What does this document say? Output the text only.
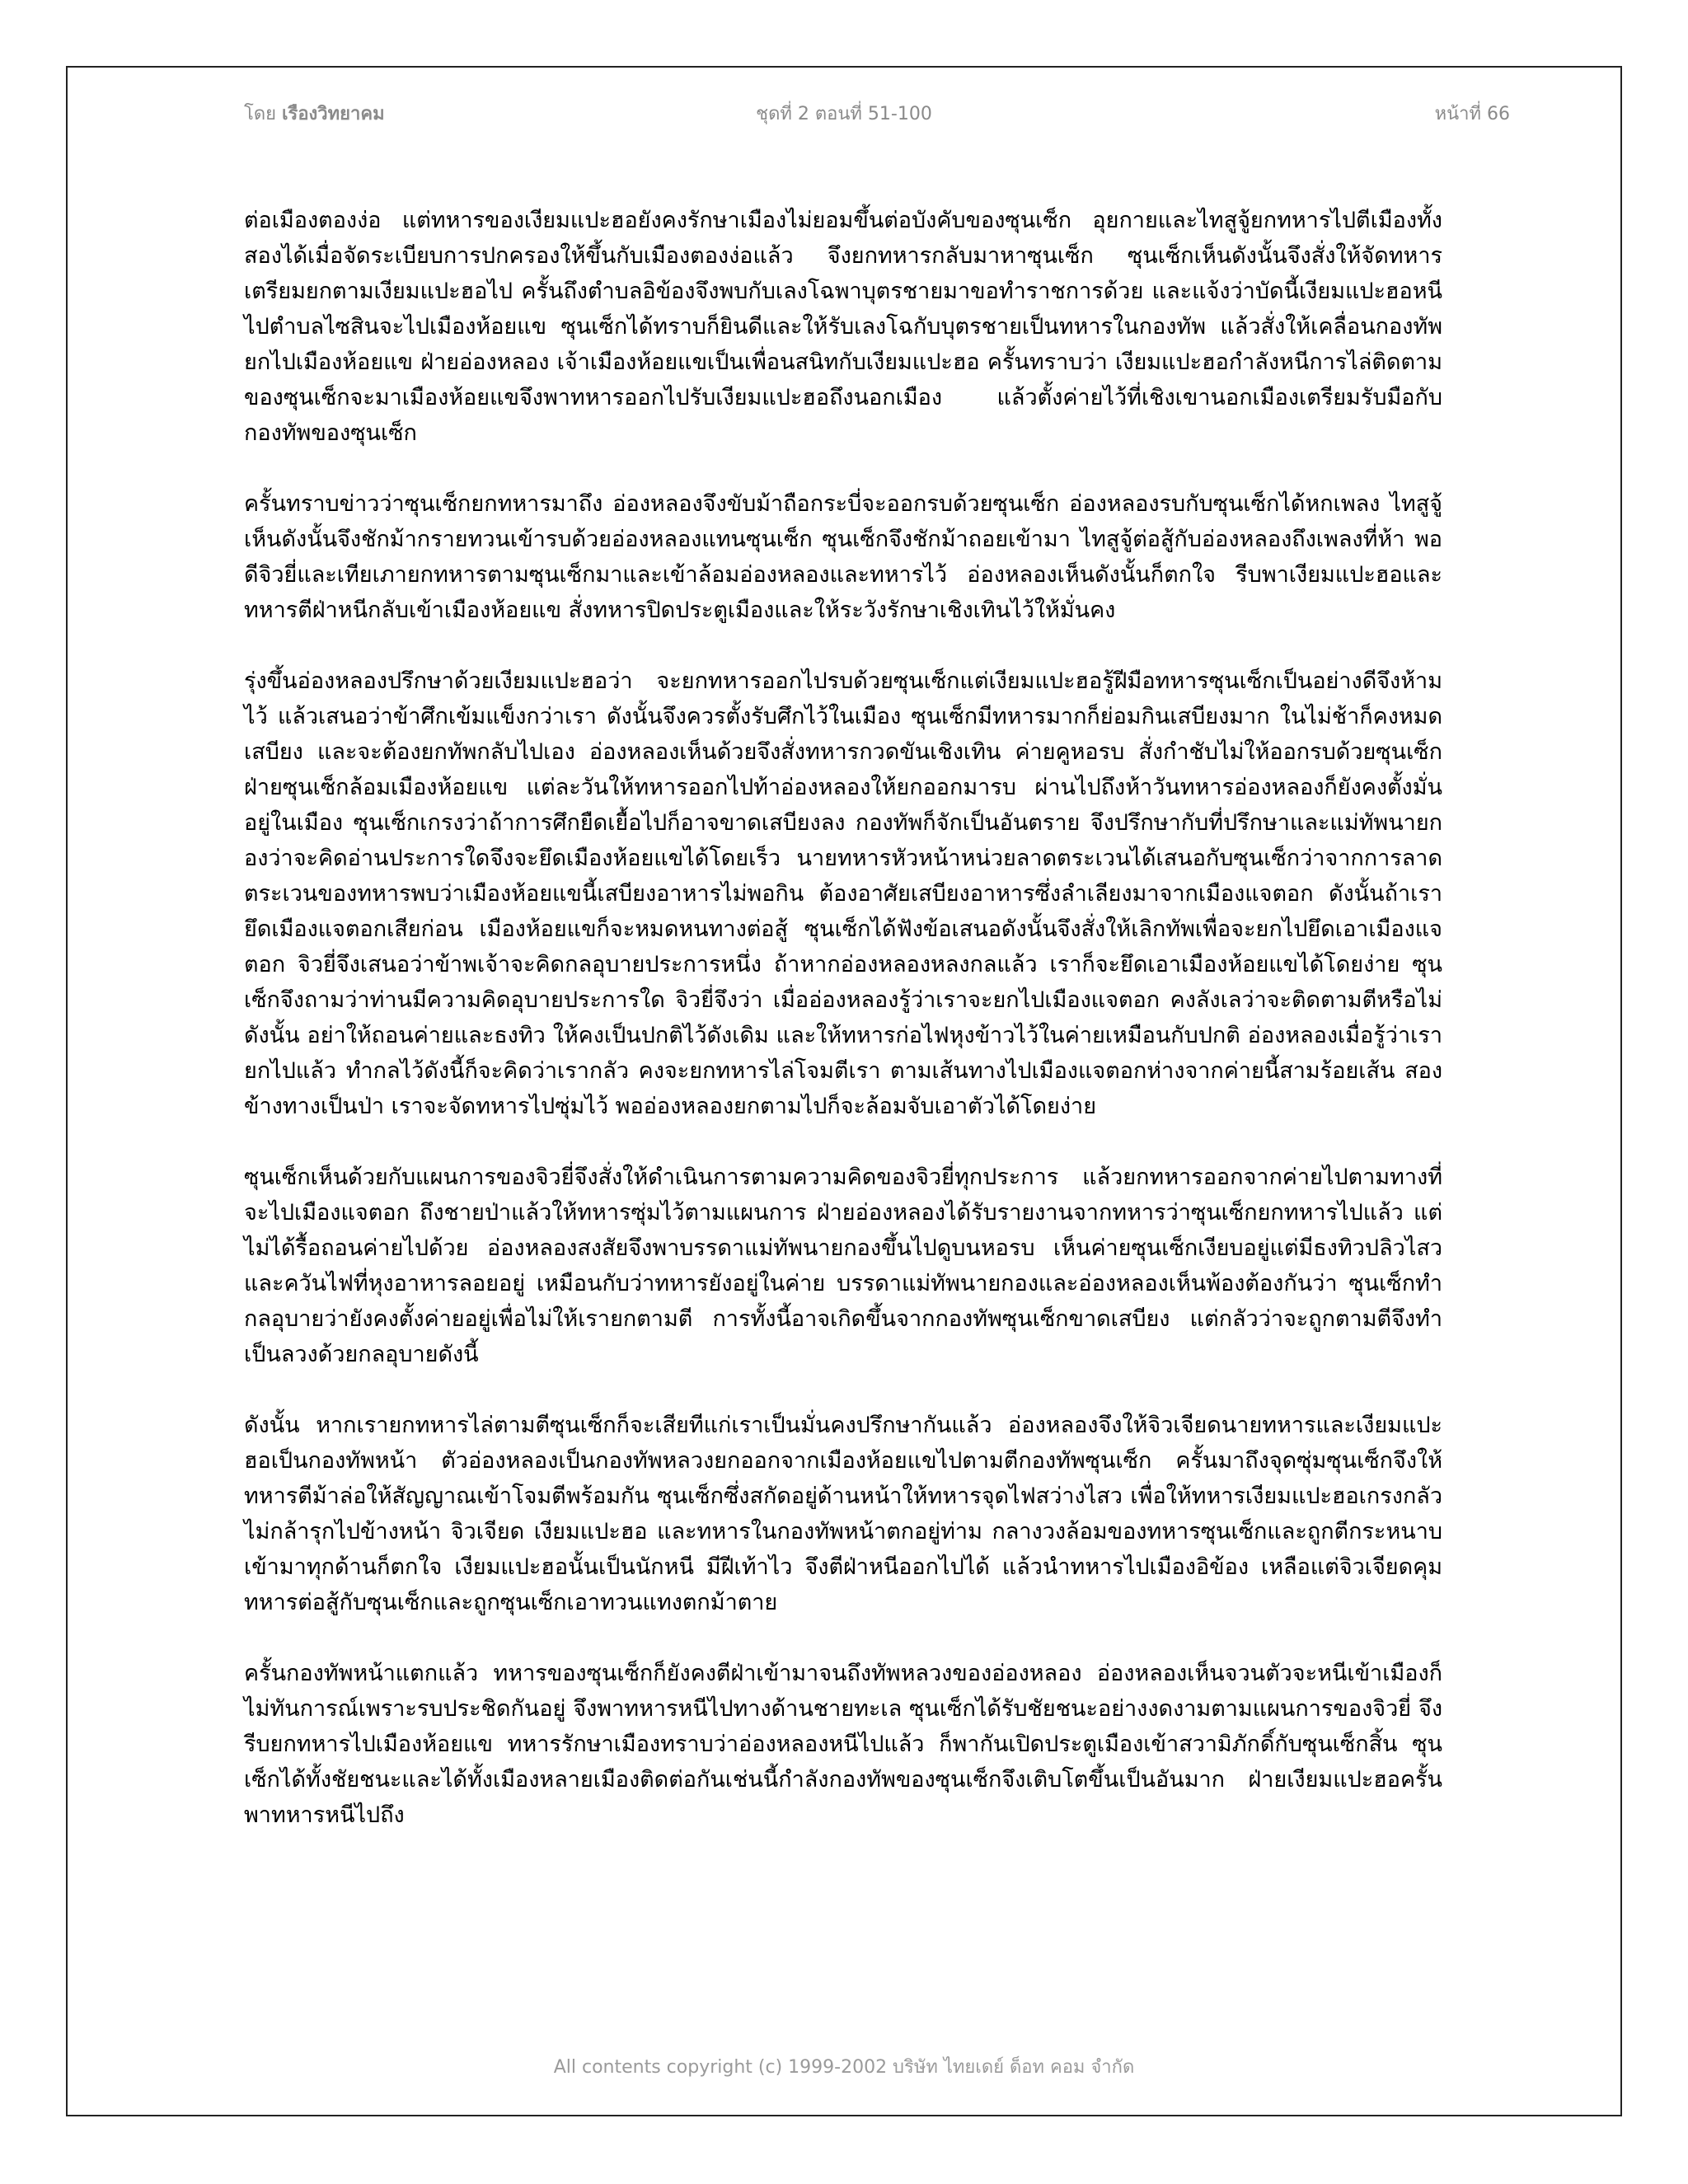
โดย เรืองวิทยาคม	ชุดที่ 2 ตอนที่ 51-100	หน้าที่ 66

ต่อเมืองตองง่อ แต่ทหารของเงียมแปะฮอยังคงรักษาเมืองไม่ยอมขึ้นต่อบังคับของซุนเซ็ก อุยกายและไทสูจู้ยกทหารไปตีเมืองทั้งสองได้เมื่อจัดระเบียบการปกครองให้ขึ้นกับเมืองตองง่อแล้ว จึงยกทหารกลับมาหาซุนเซ็ก ซุนเซ็กเห็นดังนั้นจึงสั่งให้จัดทหารเตรียมยกตามเงียมแปะฮอไป ครั้นถึงตำบลอิข้องจึงพบกับเลงโฉพาบุตรชายมาขอทำราชการด้วย และแจ้งว่าบัดนี้เงียมแปะฮอหนีไปตำบลไซสินจะไปเมืองห้อยแข ซุนเซ็กได้ทราบก็ยินดีและให้รับเลงโฉกับบุตรชายเป็นทหารในกองทัพ แล้วสั่งให้เคลื่อนกองทัพยกไปเมืองห้อยแข ฝ่ายอ่องหลอง เจ้าเมืองห้อยแขเป็นเพื่อนสนิทกับเงียมแปะฮอ ครั้นทราบว่า เงียมแปะฮอกำลังหนีการไล่ติดตามของซุนเซ็กจะมาเมืองห้อยแขจึงพาทหารออกไปรับเงียมแปะฮอถึงนอกเมือง แล้วตั้งค่ายไว้ที่เชิงเขานอกเมืองเตรียมรับมือกับกองทัพของซุนเซ็ก

ครั้นทราบข่าวว่าซุนเซ็กยกทหารมาถึง อ่องหลองจึงขับม้าถือกระบี่จะออกรบด้วยซุนเซ็ก อ่องหลองรบกับซุนเซ็กได้หกเพลง ไทสูจู้เห็นดังนั้นจึงชักม้ากรายทวนเข้ารบด้วยอ่องหลองแทนซุนเซ็ก ซุนเซ็กจึงชักม้าถอยเข้ามา ไทสูจู้ต่อสู้กับอ่องหลองถึงเพลงที่ห้า พอดีจิวยี่และเทียเภายกทหารตามซุนเซ็กมาและเข้าล้อมอ่องหลองและทหารไว้ อ่องหลองเห็นดังนั้นก็ตกใจ รีบพาเงียมแปะฮอและทหารตีฝ่าหนีกลับเข้าเมืองห้อยแข สั่งทหารปิดประตูเมืองและให้ระวังรักษาเชิงเทินไว้ให้มั่นคง

รุ่งขึ้นอ่องหลองปรึกษาด้วยเงียมแปะฮอว่า จะยกทหารออกไปรบด้วยซุนเซ็กแต่เงียมแปะฮอรู้ฝีมือทหารซุนเซ็กเป็นอย่างดีจึงห้ามไว้ แล้วเสนอว่าข้าศึกเข้มแข็งกว่าเรา ดังนั้นจึงควรตั้งรับศึกไว้ในเมือง ซุนเซ็กมีทหารมากก็ย่อมกินเสบียงมาก ในไม่ช้าก็คงหมดเสบียง และจะต้องยกทัพกลับไปเอง อ่องหลองเห็นด้วยจึงสั่งทหารกวดขันเชิงเทิน ค่ายคูหอรบ สั่งกำชับไม่ให้ออกรบด้วยซุนเซ็ก ฝ่ายซุนเซ็กล้อมเมืองห้อยแข แต่ละวันให้ทหารออกไปท้าอ่องหลองให้ยกออกมารบ ผ่านไปถึงห้าวันทหารอ่องหลองก็ยังคงตั้งมั่นอยู่ในเมือง ซุนเซ็กเกรงว่าถ้าการศึกยืดเยื้อไปก็อาจขาดเสบียงลง กองทัพก็จักเป็นอันตราย จึงปรึกษากับที่ปรึกษาและแม่ทัพนายกองว่าจะคิดอ่านประการใดจึงจะยึดเมืองห้อยแขได้โดยเร็ว นายทหารหัวหน้าหน่วยลาดตระเวนได้เสนอกับซุนเซ็กว่าจากการลาดตระเวนของทหารพบว่าเมืองห้อยแขนี้เสบียงอาหารไม่พอกิน ต้องอาศัยเสบียงอาหารซึ่งลำเลียงมาจากเมืองแจตอก ดังนั้นถ้าเรายึดเมืองแจตอกเสียก่อน เมืองห้อยแขก็จะหมดหนทางต่อสู้ ซุนเซ็กได้ฟังข้อเสนอดังนั้นจึงสั่งให้เลิกทัพเพื่อจะยกไปยึดเอาเมืองแจตอก จิวยี่จึงเสนอว่าข้าพเจ้าจะคิดกลอุบายประการหนึ่ง ถ้าหากอ่องหลองหลงกลแล้ว เราก็จะยึดเอาเมืองห้อยแขได้โดยง่าย ซุนเซ็กจึงถามว่าท่านมีความคิดอุบายประการใด จิวยี่จึงว่า เมื่ออ่องหลองรู้ว่าเราจะยกไปเมืองแจตอก คงลังเลว่าจะติดตามตีหรือไม่ ดังนั้น อย่าให้ถอนค่ายและธงทิว ให้คงเป็นปกติไว้ดังเดิม และให้ทหารก่อไฟหุงข้าวไว้ในค่ายเหมือนกับปกติ อ่องหลองเมื่อรู้ว่าเรายกไปแล้ว ทำกลไว้ดังนี้ก็จะคิดว่าเรากลัว คงจะยกทหารไล่โจมตีเรา ตามเส้นทางไปเมืองแจตอกห่างจากค่ายนี้สามร้อยเส้น สองข้างทางเป็นป่า เราจะจัดทหารไปซุ่มไว้ พออ่องหลองยกตามไปก็จะล้อมจับเอาตัวได้โดยง่าย

ซุนเซ็กเห็นด้วยกับแผนการของจิวยี่จึงสั่งให้ดำเนินการตามความคิดของจิวยี่ทุกประการ แล้วยกทหารออกจากค่ายไปตามทางที่จะไปเมืองแจตอก ถึงชายป่าแล้วให้ทหารซุ่มไว้ตามแผนการ ฝ่ายอ่องหลองได้รับรายงานจากทหารว่าซุนเซ็กยกทหารไปแล้ว แต่ไม่ได้รื้อถอนค่ายไปด้วย อ่องหลองสงสัยจึงพาบรรดาแม่ทัพนายกองขึ้นไปดูบนหอรบ เห็นค่ายซุนเซ็กเงียบอยู่แต่มีธงทิวปลิวไสว และควันไฟที่หุงอาหารลอยอยู่ เหมือนกับว่าทหารยังอยู่ในค่าย บรรดาแม่ทัพนายกองและอ่องหลองเห็นพ้องต้องกันว่า ซุนเซ็กทำกลอุบายว่ายังคงตั้งค่ายอยู่เพื่อไม่ให้เรายกตามตี การทั้งนี้อาจเกิดขึ้นจากกองทัพซุนเซ็กขาดเสบียง แต่กลัวว่าจะถูกตามตีจึงทำเป็นลวงด้วยกลอุบายดังนี้

ดังนั้น หากเรายกทหารไล่ตามตีซุนเซ็กก็จะเสียทีแก่เราเป็นมั่นคงปรึกษากันแล้ว อ่องหลองจึงให้จิวเจียดนายทหารและเงียมแปะฮอเป็นกองทัพหน้า ตัวอ่องหลองเป็นกองทัพหลวงยกออกจากเมืองห้อยแขไปตามตีกองทัพซุนเซ็ก ครั้นมาถึงจุดซุ่มซุนเซ็กจึงให้ทหารตีม้าล่อให้สัญญาณเข้าโจมตีพร้อมกัน ซุนเซ็กซึ่งสกัดอยู่ด้านหน้าให้ทหารจุดไฟสว่างไสว เพื่อให้ทหารเงียมแปะฮอเกรงกลัวไม่กล้ารุกไปข้างหน้า จิวเจียด เงียมแปะฮอ และทหารในกองทัพหน้าตกอยู่ท่าม กลางวงล้อมของทหารซุนเซ็กและถูกตีกระหนาบเข้ามาทุกด้านก็ตกใจ เงียมแปะฮอนั้นเป็นนักหนี มีฝีเท้าไว จึงตีฝ่าหนีออกไปได้ แล้วนำทหารไปเมืองอิข้อง เหลือแต่จิวเจียดคุมทหารต่อสู้กับซุนเซ็กและถูกซุนเซ็กเอาทวนแทงตกม้าตาย

ครั้นกองทัพหน้าแตกแล้ว ทหารของซุนเซ็กก็ยังคงตีฝ่าเข้ามาจนถึงทัพหลวงของอ่องหลอง อ่องหลองเห็นจวนตัวจะหนีเข้าเมืองก็ไม่ทันการณ์เพราะรบประชิดกันอยู่ จึงพาทหารหนีไปทางด้านชายทะเล ซุนเซ็กได้รับชัยชนะอย่างงดงามตามแผนการของจิวยี่ จึงรีบยกทหารไปเมืองห้อยแข ทหารรักษาเมืองทราบว่าอ่องหลองหนีไปแล้ว ก็พากันเปิดประตูเมืองเข้าสวามิภักดิ์กับซุนเซ็กสิ้น ซุนเซ็กได้ทั้งชัยชนะและได้ทั้งเมืองหลายเมืองติดต่อกันเช่นนี้กำลังกองทัพของซุนเซ็กจึงเติบโตขึ้นเป็นอันมาก ฝ่ายเงียมแปะฮอครั้นพาทหารหนีไปถึง

All contents copyright (c) 1999-2002 บริษัท ไทยเดย์ ด็อท คอม จำกัด
